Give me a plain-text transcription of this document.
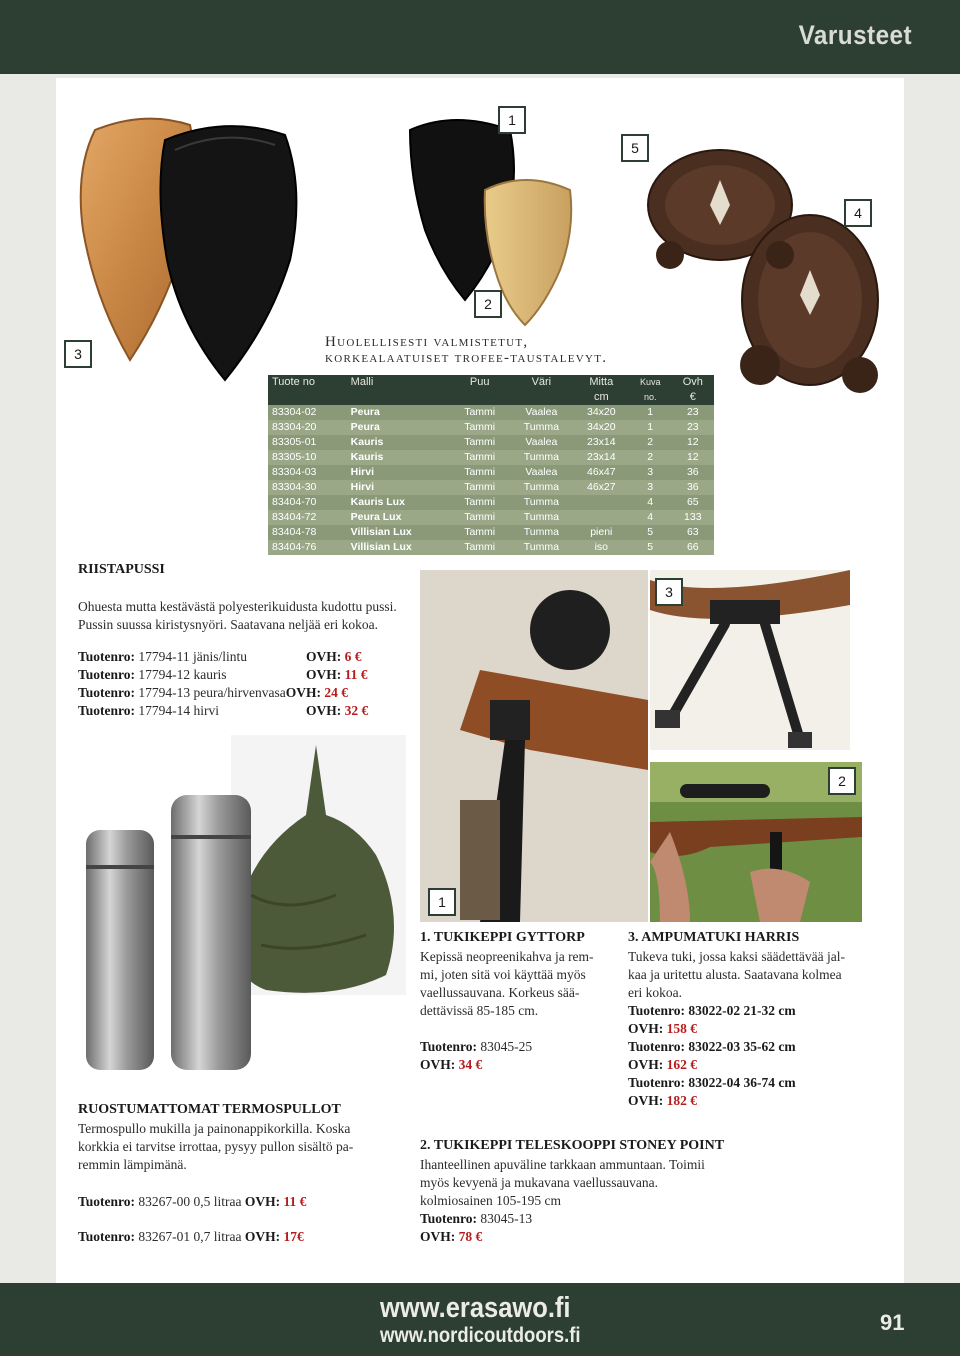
Varusteet
1
5
4
3
2
Huolellisesti valmistetut,
korkealaatuiset trofee-taustalevyt.
Tuote no	Malli	Puu	Väri	Mitta	Kuva	Ovh
				cm	no.	€
83304-02	Peura	Tammi	Vaalea	34x20	1	23
83304-20	Peura	Tammi	Tumma	34x20	1	23
83305-01	Kauris	Tammi	Vaalea	23x14	2	12
83305-10	Kauris	Tammi	Tumma	23x14	2	12
83304-03	Hirvi	Tammi	Vaalea	46x47	3	36
83304-30	Hirvi	Tammi	Tumma	46x27	3	36
83404-70	Kauris Lux	Tammi	Tumma		4	65
83404-72	Peura Lux	Tammi	Tumma		4	133
83404-78	Villisian Lux	Tammi	Tumma	pieni	5	63
83404-76	Villisian Lux	Tammi	Tumma	iso	5	66
RIISTAPUSSI
Ohuesta mutta kestävästä polyesterikuidusta kudottu pussi.
Pussin suussa kiristysnyöri. Saatavana neljää eri kokoa.
Tuotenro: 17794-11 jänis/lintu	OVH: 6 €
Tuotenro: 17794-12 kauris	OVH: 11 €
Tuotenro: 17794-13 peura/hirvenvasaOVH: 24 €
Tuotenro: 17794-14 hirvi	OVH: 32 €
3
1
2
RUOSTUMATTOMAT TERMOSPULLOT
Termospullo mukilla ja painonappikorkilla. Koska
korkkia ei tarvitse irrottaa, pysyy pullon sisältö pa-
remmin lämpimänä.
Tuotenro: 83267-00 0,5 litraa OVH: 11 €
Tuotenro: 83267-01 0,7 litraa OVH: 17€
1. TUKIKEPPI GYTTORP
Kepissä neopreenikahva ja rem-
mi, joten sitä voi käyttää myös
vaellussauvana. Korkeus sää-
dettävissä 85-185 cm.
Tuotenro: 83045-25
OVH: 34 €
3. AMPUMATUKI HARRIS
Tukeva tuki, jossa kaksi säädettävää jal-
kaa ja uritettu alusta. Saatavana kolmea
eri kokoa.
Tuotenro: 83022-02 21-32 cm
OVH: 158 €
Tuotenro: 83022-03 35-62 cm
OVH: 162 €
Tuotenro: 83022-04 36-74 cm
OVH: 182 €
2. TUKIKEPPI TELESKOOPPI STONEY POINT
Ihanteellinen apuväline tarkkaan ammuntaan. Toimii
myös kevyenä ja mukavana vaellussauvana.
kolmiosainen 105-195 cm
Tuotenro: 83045-13
OVH: 78 €
www.erasawo.fi
www.nordicoutdoors.fi
91
